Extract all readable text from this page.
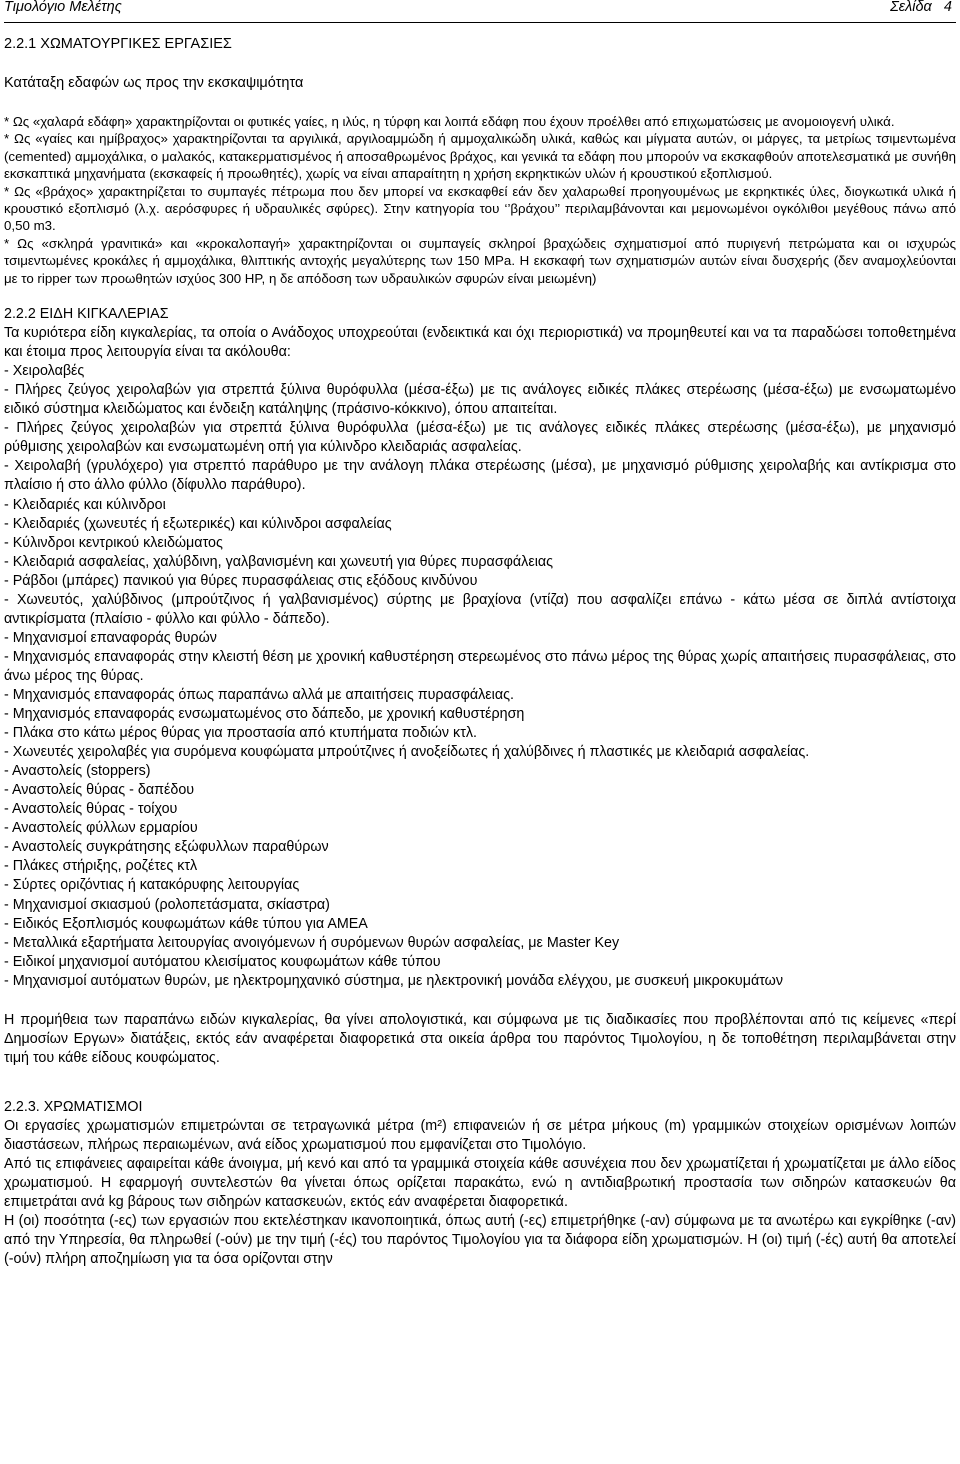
Τιμολόγιο Μελέτης	Σελίδα 4
2.2.1 ΧΩΜΑΤΟΥΡΓΙΚΕΣ ΕΡΓΑΣΙΕΣ
Κατάταξη εδαφών ως προς την εκσκαψιμότητα

* Ως «χαλαρά εδάφη» χαρακτηρίζονται οι φυτικές γαίες, η ιλύς, η τύρφη και λοιπά εδάφη που έχουν προέλθει από επιχωματώσεις με ανομοιογενή υλικά.

* Ως «γαίες και ημίβραχος» χαρακτηρίζονται τα αργιλικά, αργιλοαμμώδη ή αμμοχαλικώδη υλικά, καθώς και μίγματα αυτών, οι μάργες, τα μετρίως τσιμεντωμένα (cemented) αμμοχάλικα, ο μαλακός, κατακερματισμένος ή αποσαθρωμένος βράχος, και γενικά τα εδάφη που μπορούν να εκσκαφθούν αποτελεσματικά με συνήθη εκσκαπτικά μηχανήματα (εκσκαφείς ή προωθητές), χωρίς να είναι απαραίτητη η χρήση εκρηκτικών υλών ή κρουστικού εξοπλισμού.

* Ως «βράχος» χαρακτηρίζεται το συμπαγές πέτρωμα που δεν μπορεί να εκσκαφθεί εάν δεν χαλαρωθεί προηγουμένως με εκρηκτικές ύλες, διογκωτικά υλικά ή κρουστικό εξοπλισμό (λ.χ. αερόσφυρες ή υδραυλικές σφύρες). Στην κατηγορία του ‘’βράχου’’ περιλαμβάνονται και μεμονωμένοι ογκόλιθοι μεγέθους πάνω από 0,50 m3.

* Ως «σκληρά γρανιτικά» και «κροκαλοπαγή» χαρακτηρίζονται οι συμπαγείς σκληροί βραχώδεις σχηματισμοί από πυριγενή πετρώματα και οι ισχυρώς τσιμεντωμένες κροκάλες ή αμμοχάλικα, θλιπτικής αντοχής μεγαλύτερης των 150 MPa. Η εκσκαφή των σχηματισμών αυτών είναι δυσχερής (δεν αναμοχλεύονται με το ripper των προωθητών ισχύος 300 HP, η δε απόδοση των υδραυλικών σφυρών είναι μειωμένη)

2.2.2 ΕΙΔΗ ΚΙΓΚΑΛΕΡΙΑΣ

Τα κυριότερα είδη κιγκαλερίας, τα οποία ο Ανάδοχος υποχρεούται (ενδεικτικά και όχι περιοριστικά) να προμηθευτεί και να τα παραδώσει τοποθετημένα και έτοιμα προς λειτουργία είναι τα ακόλουθα:

- Χειρολαβές

- Πλήρες ζεύγος χειρολαβών για στρεπτά ξύλινα θυρόφυλλα (μέσα-έξω) με τις ανάλογες ειδικές πλάκες στερέωσης (μέσα-έξω) με ενσωματωμένο ειδικό σύστημα κλειδώματος και ένδειξη κατάληψης (πράσινο-κόκκινο), όπου απαιτείται.

- Πλήρες ζεύγος χειρολαβών για στρεπτά ξύλινα θυρόφυλλα (μέσα-έξω) με τις ανάλογες ειδικές πλάκες στερέωσης (μέσα-έξω), με μηχανισμό ρύθμισης χειρολαβών και ενσωματωμένη οπή για κύλινδρο κλειδαριάς ασφαλείας.

- Χειρολαβή (γρυλόχερο) για στρεπτό παράθυρο με την ανάλογη πλάκα στερέωσης (μέσα), με μηχανισμό ρύθμισης χειρολαβής και αντίκρισμα στο πλαίσιο ή στο άλλο φύλλο (δίφυλλο παράθυρο).

- Κλειδαριές και κύλινδροι

- Κλειδαριές (χωνευτές ή εξωτερικές) και κύλινδροι ασφαλείας

- Κύλινδροι κεντρικού κλειδώματος

- Κλειδαριά ασφαλείας, χαλύβδινη, γαλβανισμένη και χωνευτή για θύρες πυρασφάλειας

- Ράβδοι (μπάρες) πανικού για θύρες πυρασφάλειας στις εξόδους κινδύνου

- Χωνευτός, χαλύβδινος (μπρούτζινος ή γαλβανισμένος) σύρτης με βραχίονα (ντίζα) που ασφαλίζει επάνω - κάτω μέσα σε διπλά αντίστοιχα αντικρίσματα (πλαίσιο - φύλλο και φύλλο - δάπεδο).

- Μηχανισμοί επαναφοράς θυρών

- Μηχανισμός επαναφοράς στην κλειστή θέση με χρονική καθυστέρηση στερεωμένος στο πάνω μέρος της θύρας χωρίς απαιτήσεις πυρασφάλειας, στο άνω μέρος της θύρας.

- Μηχανισμός επαναφοράς όπως παραπάνω αλλά με απαιτήσεις πυρασφάλειας.

- Μηχανισμός επαναφοράς ενσωματωμένος στο δάπεδο, με χρονική καθυστέρηση

- Πλάκα στο κάτω μέρος θύρας για προστασία από κτυπήματα ποδιών κτλ.

- Χωνευτές χειρολαβές για συρόμενα κουφώματα μπρούτζινες ή ανοξείδωτες ή χαλύβδινες ή πλαστικές με κλειδαριά ασφαλείας.

- Αναστολείς (stoppers)

- Αναστολείς θύρας - δαπέδου

- Αναστολείς θύρας - τοίχου

- Αναστολείς φύλλων ερμαρίου

- Αναστολείς συγκράτησης εξώφυλλων παραθύρων

- Πλάκες στήριξης, ροζέτες κτλ

- Σύρτες οριζόντιας ή κατακόρυφης λειτουργίας

- Μηχανισμοί σκιασμού (ρολοπετάσματα, σκίαστρα)

- Ειδικός Εξοπλισμός κουφωμάτων κάθε τύπου για ΑΜΕΑ

- Μεταλλικά εξαρτήματα λειτουργίας ανοιγόμενων ή συρόμενων θυρών ασφαλείας, με Master Key

- Ειδικοί μηχανισμοί αυτόματου κλεισίματος κουφωμάτων κάθε τύπου

- Μηχανισμοί αυτόματων θυρών, με ηλεκτρομηχανικό σύστημα, με ηλεκτρονική μονάδα ελέγχου, με συσκευή μικροκυμάτων

Η προμήθεια των παραπάνω ειδών κιγκαλερίας, θα γίνει απολογιστικά, και σύμφωνα με τις διαδικασίες που προβλέπονται από τις κείμενες «περί Δημοσίων Εργων» διατάξεις, εκτός εάν αναφέρεται διαφορετικά στα οικεία άρθρα του παρόντος Τιμολογίου, η δε τοποθέτηση περιλαμβάνεται στην τιμή του κάθε είδους κουφώματος.

2.2.3. ΧΡΩΜΑΤΙΣΜΟΙ

Οι εργασίες χρωματισμών επιμετρώνται σε τετραγωνικά μέτρα (m²) επιφανειών ή σε μέτρα μήκους (m) γραμμικών στοιχείων ορισμένων λοιπών διαστάσεων, πλήρως περαιωμένων, ανά είδος χρωματισμού που εμφανίζεται στο Τιμολόγιο.

Από τις επιφάνειες αφαιρείται κάθε άνοιγμα, μή κενό και από τα γραμμικά στοιχεία κάθε ασυνέχεια που δεν χρωματίζεται ή χρωματίζεται με άλλο είδος χρωματισμού. Η εφαρμογή συντελεστών θα γίνεται όπως ορίζεται παρακάτω, ενώ η αντιδιαβρωτική προστασία των σιδηρών κατασκευών θα επιμετράται ανά kg βάρους των σιδηρών κατασκευών, εκτός εάν αναφέρεται διαφορετικά.

Η (οι) ποσότητα (-ες) των εργασιών που εκτελέστηκαν ικανοποιητικά, όπως αυτή (-ες) επιμετρήθηκε (-αν) σύμφωνα με τα ανωτέρω και εγκρίθηκε (-αν) από την Υπηρεσία, θα πληρωθεί (-ούν) με την τιμή (-ές) του παρόντος Τιμολογίου για τα διάφορα είδη χρωματισμών. Η (οι) τιμή (-ές) αυτή θα αποτελεί (-ούν) πλήρη αποζημίωση για τα όσα ορίζονται στην
